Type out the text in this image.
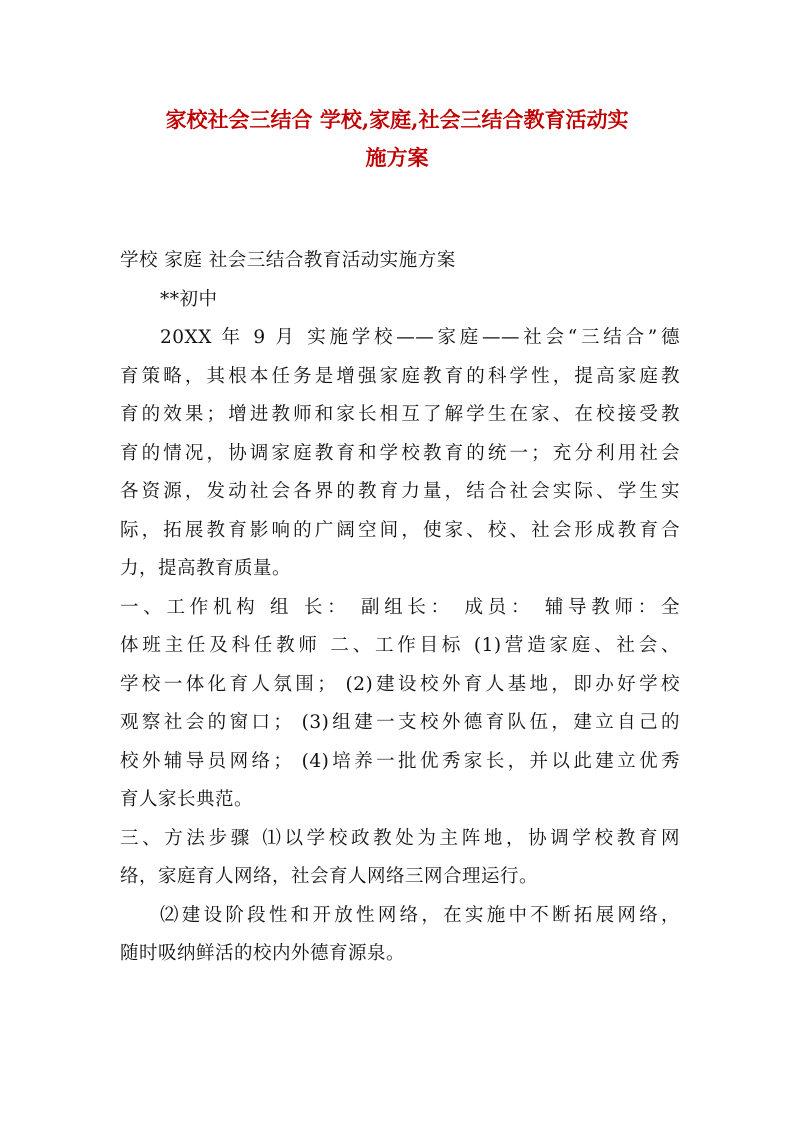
家校社会三结合 学校,家庭,社会三结合教育活动实
施方案
学校 家庭 社会三结合教育活动实施方案
**初中
20XX 年 9 月 实施学校——家庭——社会“三结合”德
育策略，其根本任务是增强家庭教育的科学性，提高家庭教
育的效果；增进教师和家长相互了解学生在家、在校接受教
育的情况，协调家庭教育和学校教育的统一；充分利用社会
各资源，发动社会各界的教育力量，结合社会实际、学生实
际，拓展教育影响的广阔空间，使家、校、社会形成教育合
力，提高教育质量。
一、工作机构 组 长： 副组长： 成员： 辅导教师：全
体班主任及科任教师 二、工作目标 (1)营造家庭、社会、
学校一体化育人氛围； (2)建设校外育人基地，即办好学校
观察社会的窗口； (3)组建一支校外德育队伍，建立自己的
校外辅导员网络； (4)培养一批优秀家长，并以此建立优秀
育人家长典范。
三、方法步骤 ⑴以学校政教处为主阵地，协调学校教育网
络，家庭育人网络，社会育人网络三网合理运行。
⑵建设阶段性和开放性网络，在实施中不断拓展网络，
随时吸纳鲜活的校内外德育源泉。
